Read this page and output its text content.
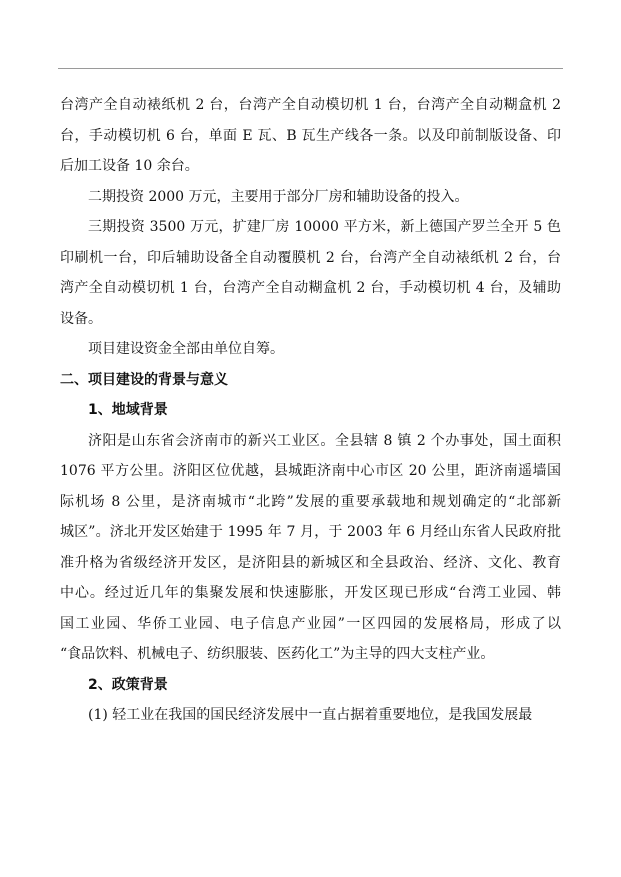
台湾产全自动裱纸机 2 台，台湾产全自动模切机 1 台，台湾产全自动糊盒机 2
台，手动模切机 6 台，单面 E 瓦、B 瓦生产线各一条。以及印前制版设备、印
后加工设备 10 余台。

二期投资 2000 万元，主要用于部分厂房和辅助设备的投入。

三期投资 3500 万元，扩建厂房 10000 平方米，新上德国产罗兰全开 5 色
印刷机一台，印后辅助设备全自动覆膜机 2 台，台湾产全自动裱纸机 2 台，台
湾产全自动模切机 1 台，台湾产全自动糊盒机 2 台，手动模切机 4 台，及辅助
设备。

项目建设资金全部由单位自筹。

二、项目建设的背景与意义

1、地域背景

济阳是山东省会济南市的新兴工业区。全县辖 8 镇 2 个办事处，国土面积
1076 平方公里。济阳区位优越，县城距济南中心市区 20 公里，距济南遥墙国
际机场 8 公里，是济南城市“北跨”发展的重要承载地和规划确定的“北部新
城区”。济北开发区始建于 1995 年 7 月，于 2003 年 6 月经山东省人民政府批
准升格为省级经济开发区，是济阳县的新城区和全县政治、经济、文化、教育
中心。经过近几年的集聚发展和快速膨胀，开发区现已形成“台湾工业园、韩
国工业园、华侨工业园、电子信息产业园”一区四园的发展格局，形成了以
“食品饮料、机械电子、纺织服装、医药化工”为主导的四大支柱产业。

2、政策背景

(1) 轻工业在我国的国民经济发展中一直占据着重要地位，是我国发展最
